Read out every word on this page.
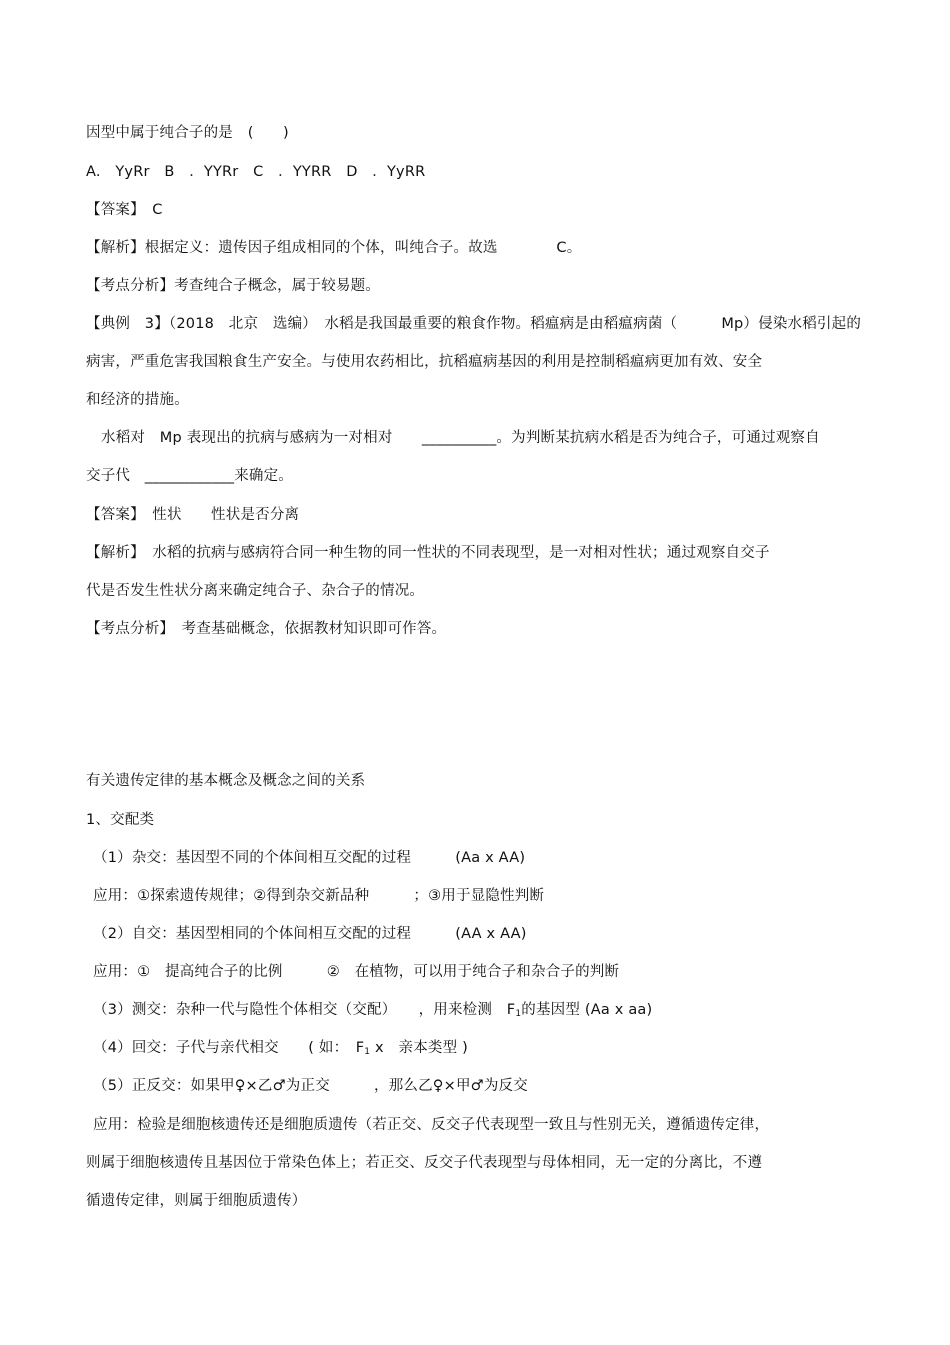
因型中属于纯合子的是　(　　)
A.　YyRr　B　．YYRr　C　．YYRR　D　．YyRR
【答案】　C
【解析】根据定义：遗传因子组成相同的个体，叫纯合子。故选　　　　C。
【考点分析】考查纯合子概念，属于较易题。
【典例　3】（2018　北京　选编）　水稻是我国最重要的粮食作物。稻瘟病是由稻瘟病菌（　　　Mp）侵染水稻引起的
病害，严重危害我国粮食生产安全。与使用农药相比，抗稻瘟病基因的利用是控制稻瘟病更加有效、安全
和经济的措施。
水稻对　Mp 表现出的抗病与感病为一对相对　　__________。为判断某抗病水稻是否为纯合子，可通过观察自
交子代　____________来确定。
【答案】　性状　　性状是否分离
【解析】　水稻的抗病与感病符合同一种生物的同一性状的不同表现型，是一对相对性状；通过观察自交子
代是否发生性状分离来确定纯合子、杂合子的情况。
【考点分析】　考查基础概念，依据教材知识即可作答。
有关遗传定律的基本概念及概念之间的关系
1、交配类
（1）杂交：基因型不同的个体间相互交配的过程　　　(Aa x AA)
应用：①探索遗传规律；②得到杂交新品种　　　；③用于显隐性判断
（2）自交：基因型相同的个体间相互交配的过程　　　(AA x AA)
应用：①　提高纯合子的比例　　　②　在植物，可以用于纯合子和杂合子的判断
（3）测交：杂种一代与隐性个体相交（交配）　　，用来检测　$F_1$的基因型 (Aa x aa)
（4）回交：子代与亲代相交　　( 如：　$F_1$ x　亲本类型 )
（5）正反交：如果甲♀×乙♂为正交　　　，那么乙♀×甲♂为反交
应用：检验是细胞核遗传还是细胞质遗传（若正交、反交子代表现型一致且与性别无关，遵循遗传定律，
则属于细胞核遗传且基因位于常染色体上；若正交、反交子代表现型与母体相同，无一定的分离比，不遵
循遗传定律，则属于细胞质遗传）
